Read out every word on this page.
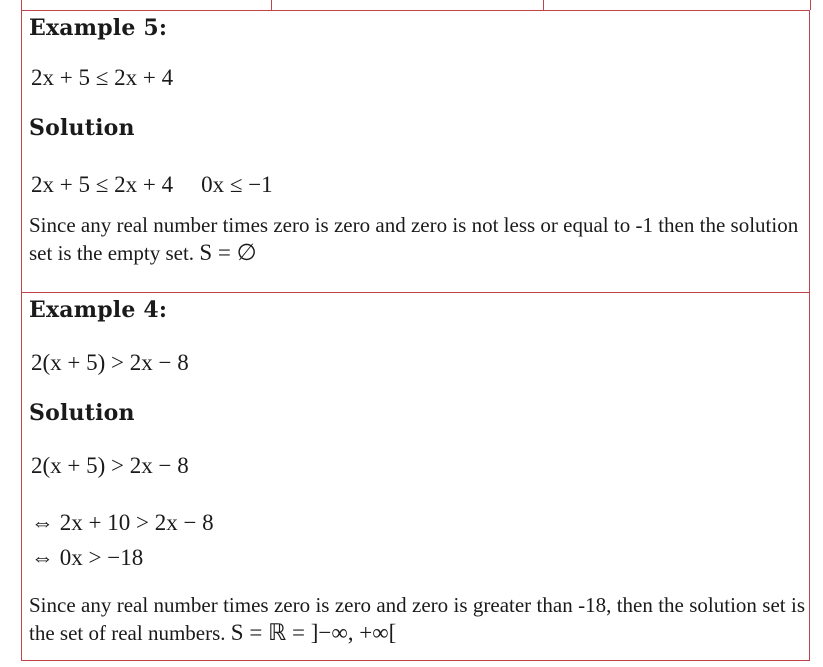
Example 5:
2x + 5 ≤ 2x + 4
Solution
2x + 5 ≤ 2x + 4 0x ≤ −1
Since any real number times zero is zero and zero is not less or equal to -1 then the solution set is the empty set. S = ∅
Example 4:
2(x + 5) > 2x − 8
Solution
2(x + 5) > 2x − 8
⇔ 2x + 10 > 2x − 8
⇔ 0x > −18
Since any real number times zero is zero and zero is greater than -18, then the solution set is the set of real numbers. S = ℝ = ]−∞, +∞[
